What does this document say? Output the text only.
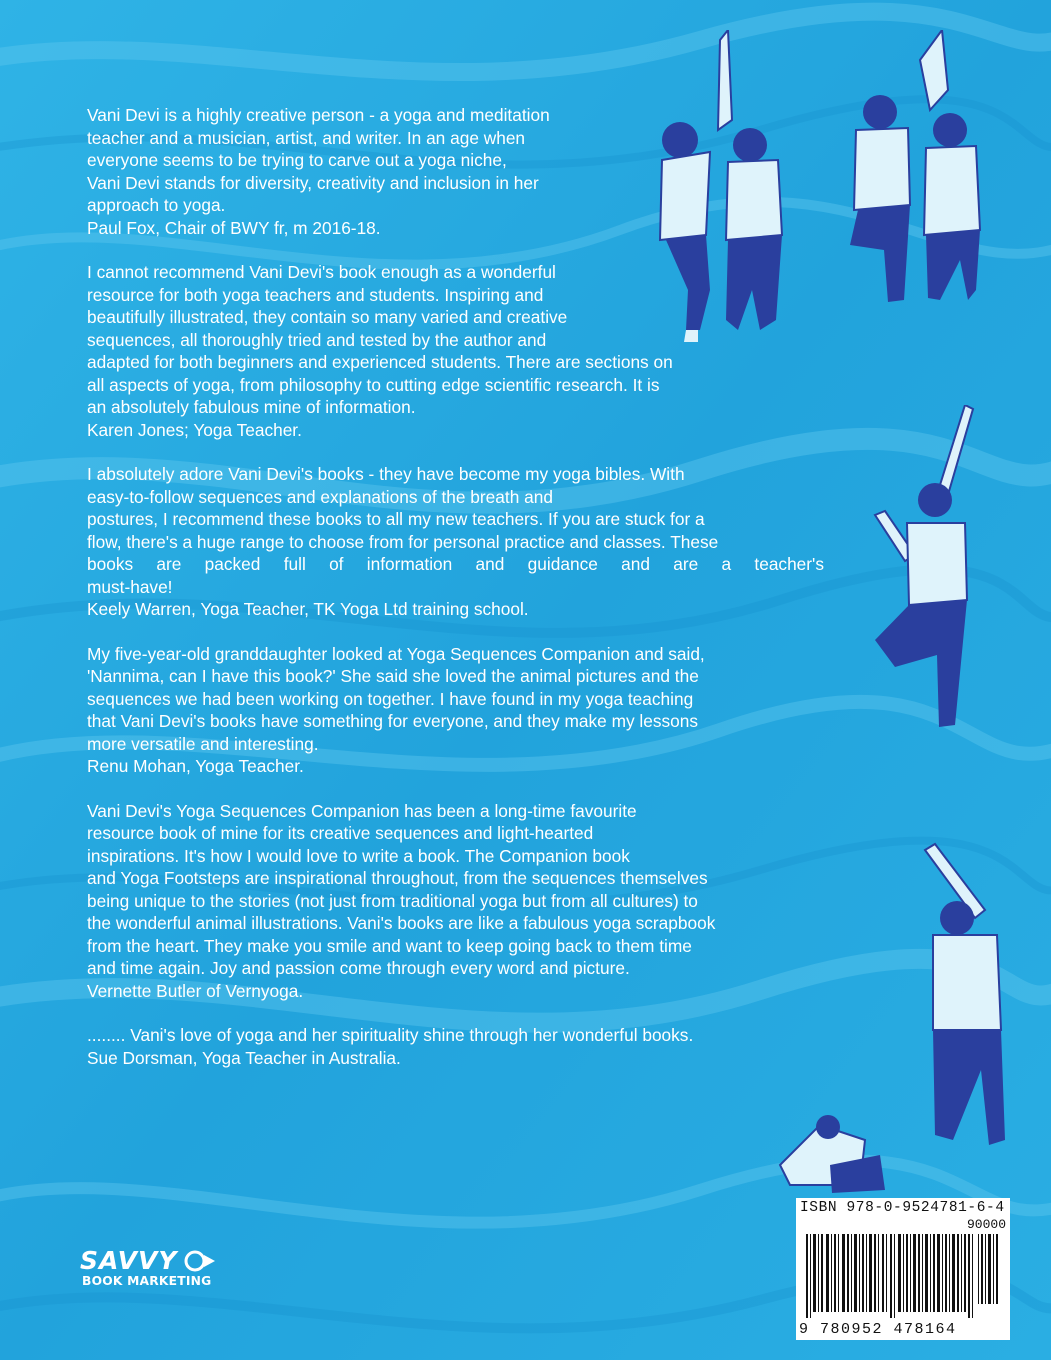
Vani Devi is a highly creative person - a yoga and meditation
teacher and a musician, artist, and writer. In an age when
everyone seems to be trying to carve out a yoga niche,
Vani Devi stands for diversity, creativity and inclusion in her
approach to yoga.
Paul Fox, Chair of BWY fr, m 2016-18.
I cannot recommend Vani Devi's book enough as a wonderful
resource for both yoga teachers and students. Inspiring and
beautifully illustrated, they contain so many varied and creative
sequences, all thoroughly tried and tested by the author and
adapted for both beginners and experienced students. There are sections on
all aspects of yoga, from philosophy to cutting edge scientific research. It is
an absolutely fabulous mine of information.
Karen Jones; Yoga Teacher.
I absolutely adore Vani Devi's books - they have become my yoga bibles. With
easy-to-follow sequences and explanations of the breath and
postures, I recommend these books to all my new teachers. If you are stuck for a
flow, there's a huge range to choose from for personal practice and classes. These
books are packed full of information and guidance and are a teacher's
must-have!
Keely Warren, Yoga Teacher, TK Yoga Ltd training school.
My five-year-old granddaughter looked at Yoga Sequences Companion and said,
'Nannima, can I have this book?' She said she loved the animal pictures and the
sequences we had been working on together. I have found in my yoga teaching
that Vani Devi's books have something for everyone, and they make my lessons
more versatile and interesting.
Renu Mohan, Yoga Teacher.
Vani Devi's Yoga Sequences Companion has been a long-time favourite
resource book of mine for its creative sequences and light-hearted
inspirations. It's how I would love to write a book. The Companion book
and Yoga Footsteps are inspirational throughout, from the sequences themselves
being unique to the stories (not just from traditional yoga but from all cultures) to
the wonderful animal illustrations. Vani's books are like a fabulous yoga scrapbook
from the heart. They make you smile and want to keep going back to them time
and time again. Joy and passion come through every word and picture.
Vernette Butler of Vernyoga.
........ Vani's love of yoga and her spirituality shine through her wonderful books.
Sue Dorsman, Yoga Teacher in Australia.
SAVVY
BOOK MARKETING
ISBN 978-0-9524781-6-4
90000
9 780952 478164
